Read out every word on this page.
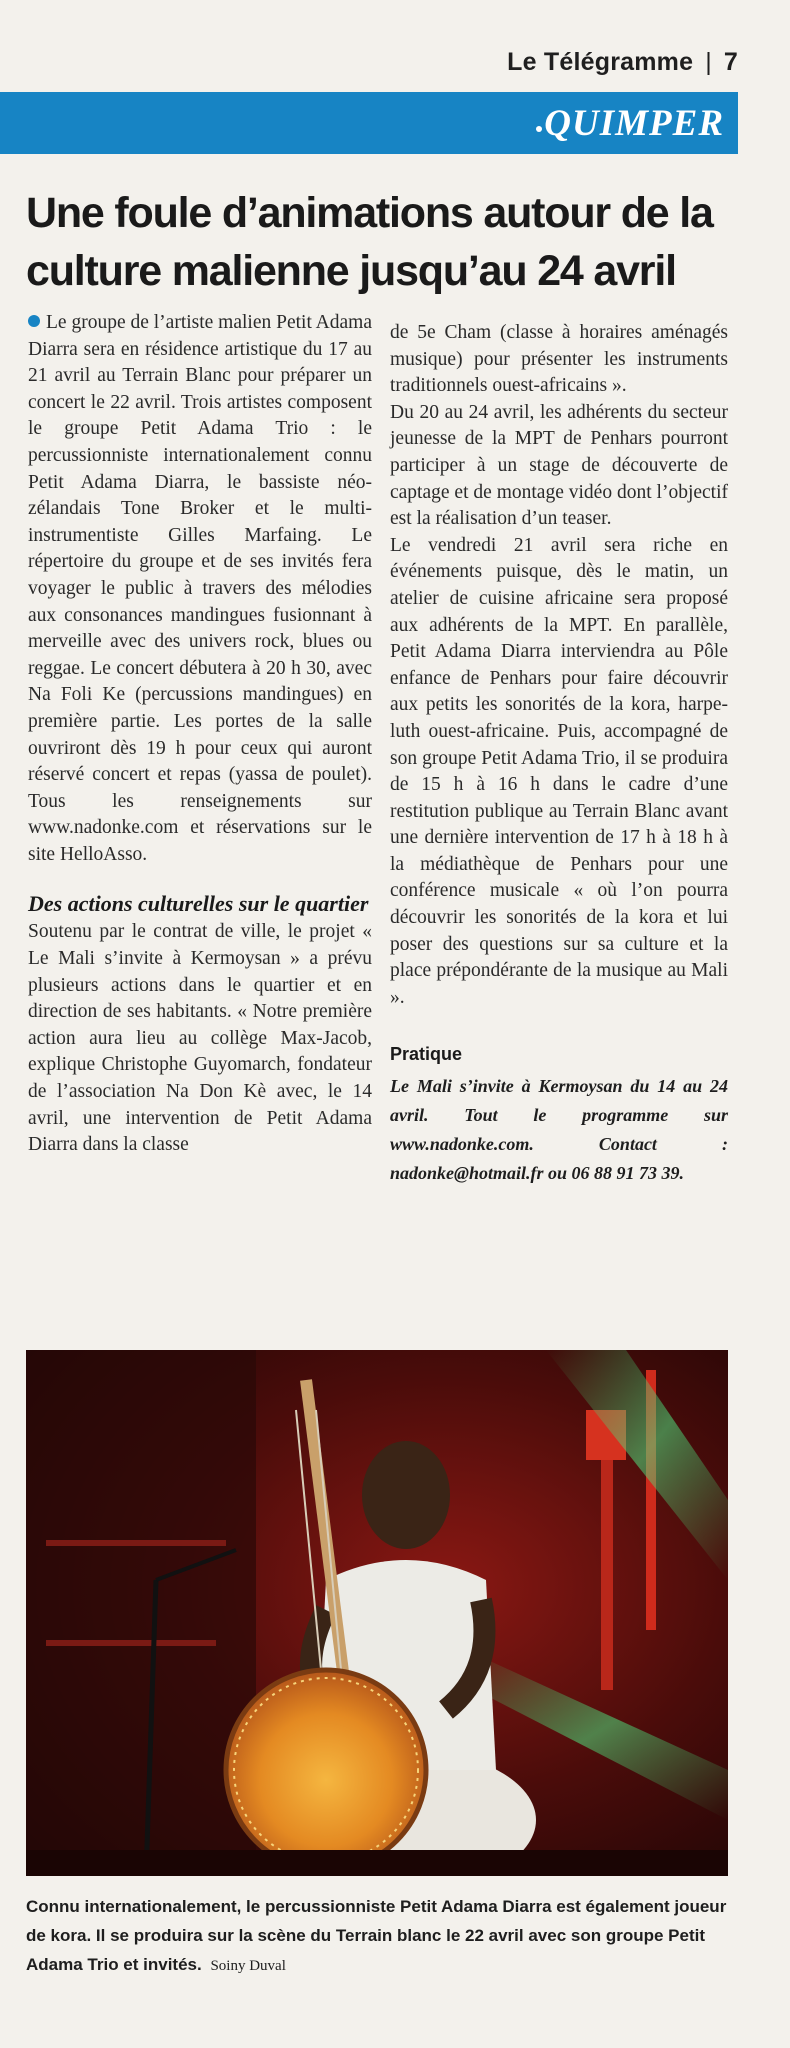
Le Télégramme | 7
QUIMPER
Une foule d’animations autour de la culture malienne jusqu’au 24 avril

Le groupe de l’artiste malien Petit Adama Diarra sera en résidence artistique du 17 au 21 avril au Terrain Blanc pour préparer un concert le 22 avril. Trois artistes composent le groupe Petit Adama Trio : le percussionniste internationalement connu Petit Adama Diarra, le bassiste néo-zélandais Tone Broker et le multi-instrumentiste Gilles Marfaing. Le répertoire du groupe et de ses invités fera voyager le public à travers des mélodies aux consonances mandingues fusionnant à merveille avec des univers rock, blues ou reggae. Le concert débutera à 20 h 30, avec Na Foli Ke (percussions mandingues) en première partie. Les portes de la salle ouvriront dès 19 h pour ceux qui auront réservé concert et repas (yassa de poulet). Tous les renseignements sur www.nadonke.com et réservations sur le site HelloAsso.

Des actions culturelles sur le quartier

Soutenu par le contrat de ville, le projet « Le Mali s’invite à Kermoysan » a prévu plusieurs actions dans le quartier et en direction de ses habitants. « Notre première action aura lieu au collège Max-Jacob, explique Christophe Guyomarch, fondateur de l’association Na Don Kè avec, le 14 avril, une intervention de Petit Adama Diarra dans la classe

de 5e Cham (classe à horaires aménagés musique) pour présenter les instruments traditionnels ouest-africains ».

Du 20 au 24 avril, les adhérents du secteur jeunesse de la MPT de Penhars pourront participer à un stage de découverte de captage et de montage vidéo dont l’objectif est la réalisation d’un teaser.

Le vendredi 21 avril sera riche en événements puisque, dès le matin, un atelier de cuisine africaine sera proposé aux adhérents de la MPT. En parallèle, Petit Adama Diarra interviendra au Pôle enfance de Penhars pour faire découvrir aux petits les sonorités de la kora, harpe-luth ouest-africaine. Puis, accompagné de son groupe Petit Adama Trio, il se produira de 15 h à 16 h dans le cadre d’une restitution publique au Terrain Blanc avant une dernière intervention de 17 h à 18 h à la médiathèque de Penhars pour une conférence musicale « où l’on pourra découvrir les sonorités de la kora et lui poser des questions sur sa culture et la place prépondérante de la musique au Mali ».

Pratique
Le Mali s’invite à Kermoysan du 14 au 24 avril. Tout le programme sur www.nadonke.com. Contact : nadonke@hotmail.fr ou 06 88 91 73 39.
Connu internationalement, le percussionniste Petit Adama Diarra est également joueur de kora. Il se produira sur la scène du Terrain blanc le 22 avril avec son groupe Petit Adama Trio et invités. Soiny Duval
